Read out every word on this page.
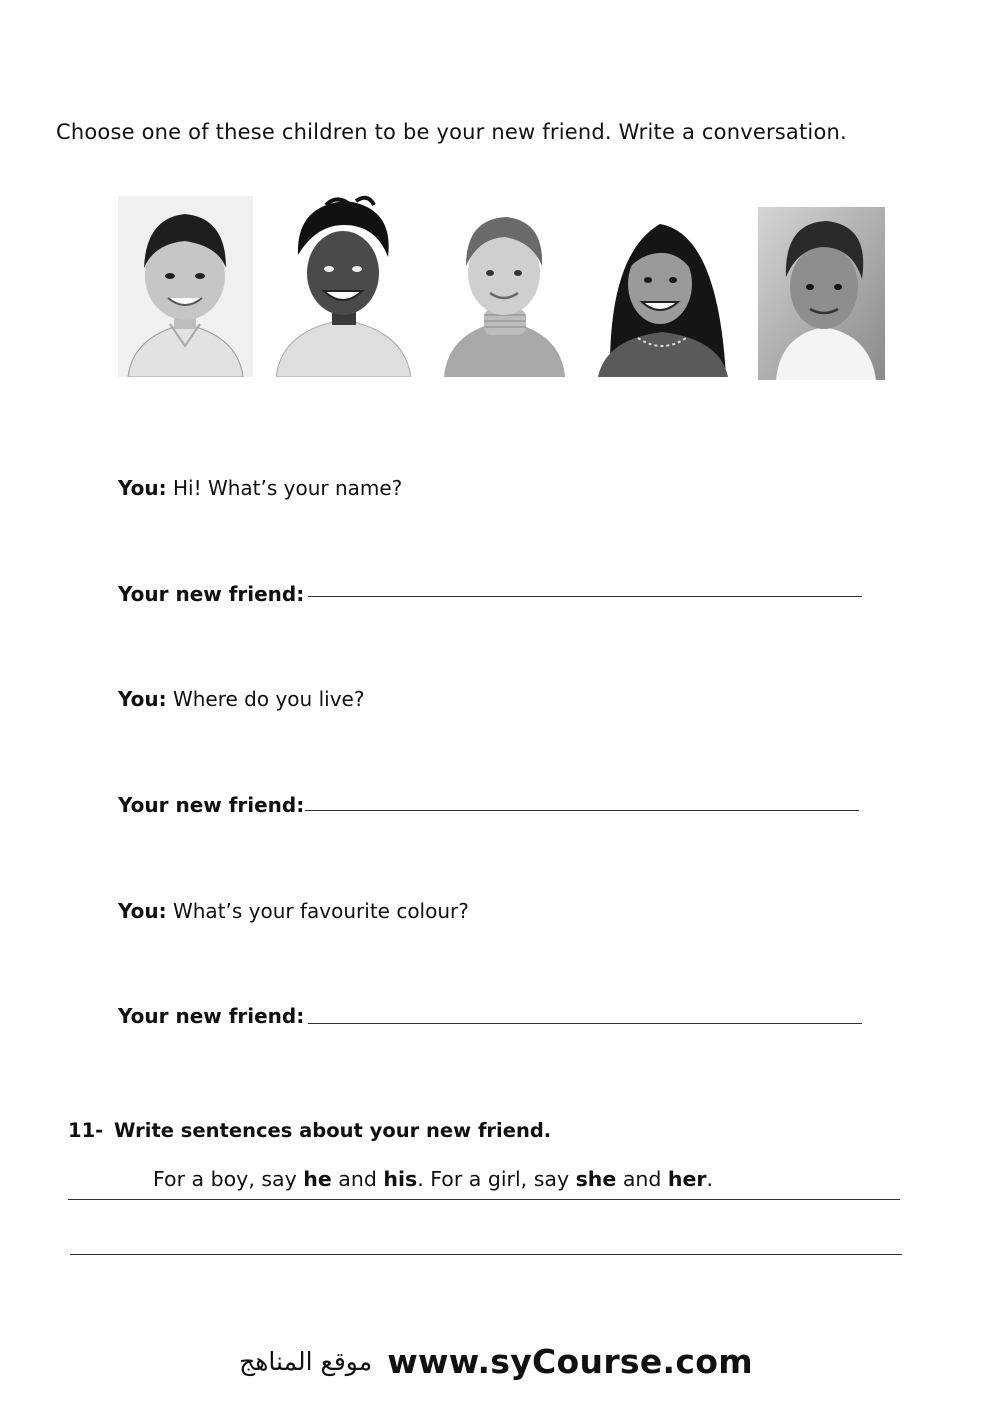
Choose one of these children to be your new friend. Write a conversation.
You: Hi! What’s your name?
Your new friend:
You: Where do you live?
Your new friend:
You: What’s your favourite colour?
Your new friend:
11- Write sentences about your new friend.
For a boy, say he and his. For a girl, say she and her.
موقع المناهج www.syCourse.com
